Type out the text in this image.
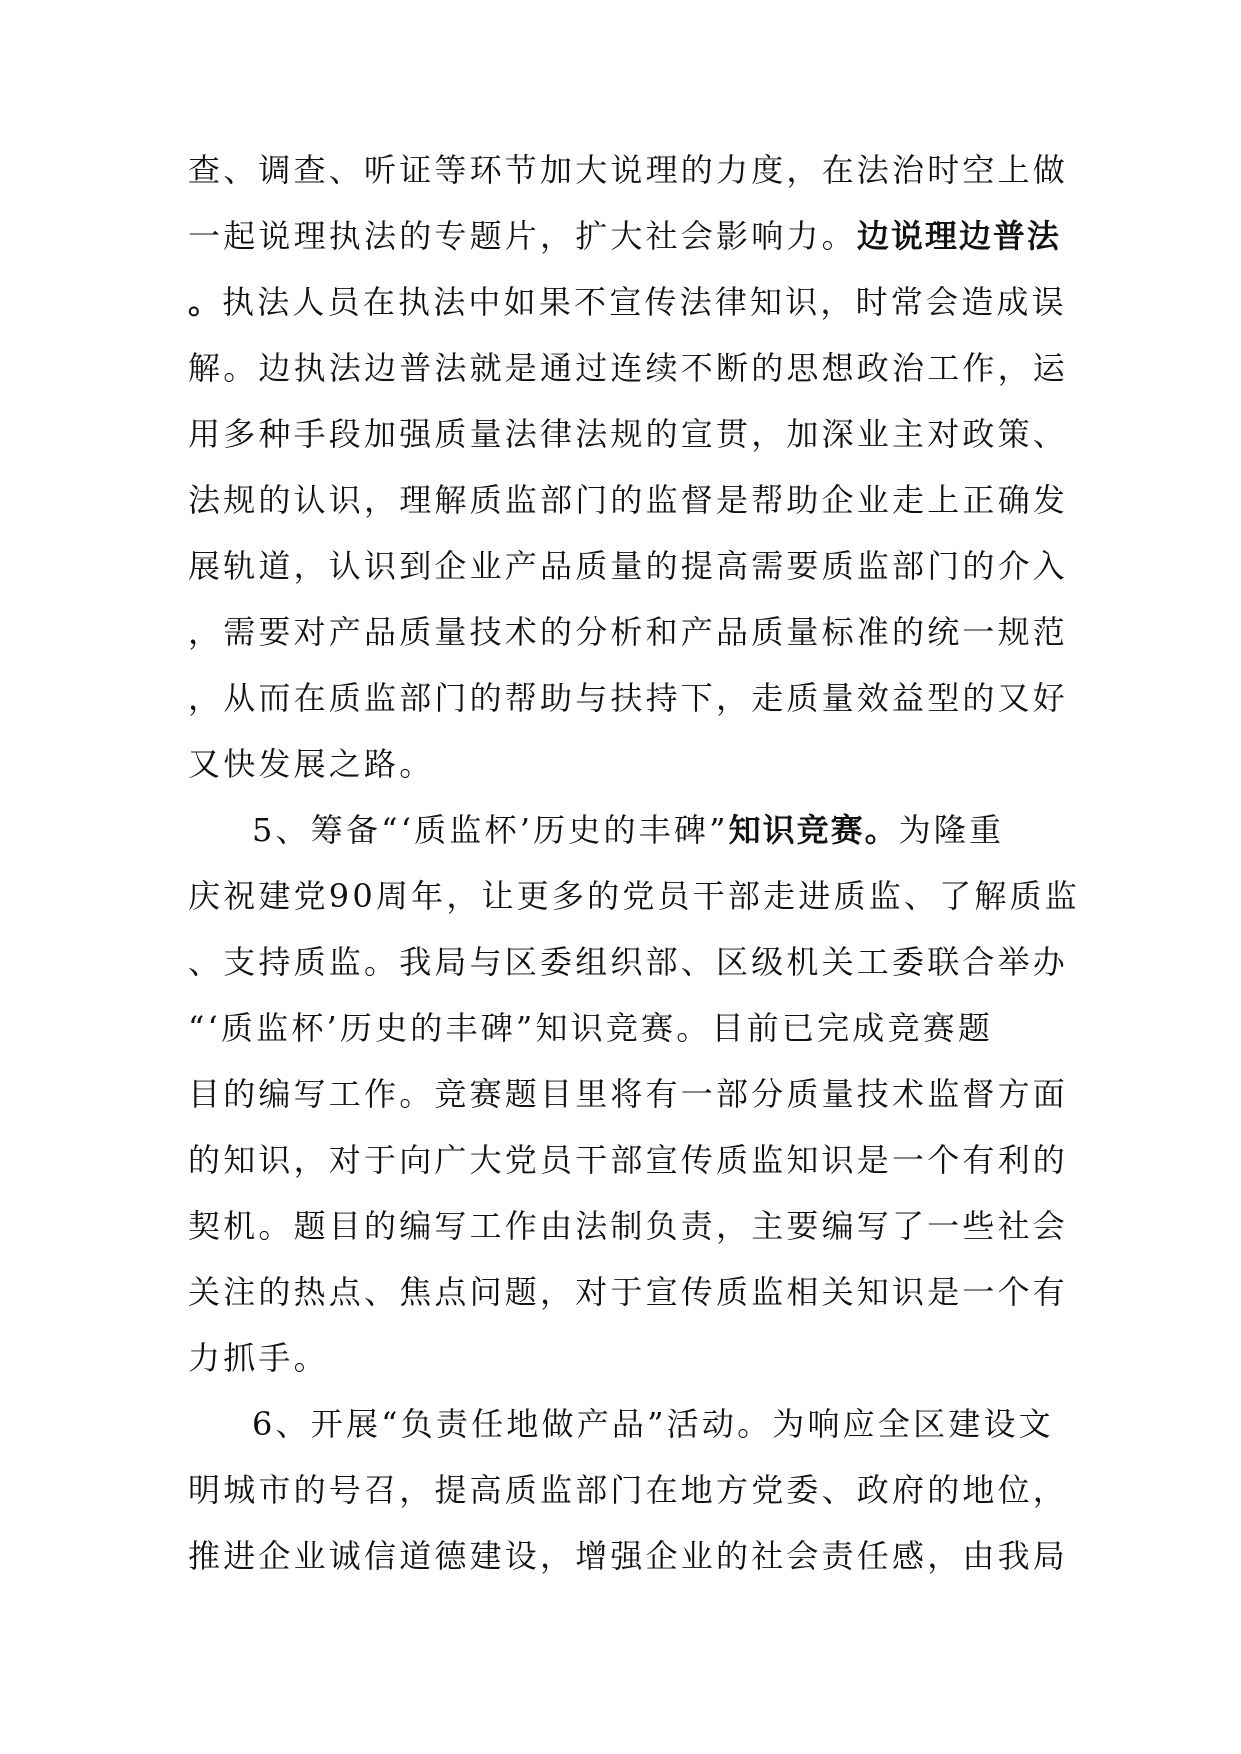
查、调查、听证等环节加大说理的力度，在法治时空上做
一起说理执法的专题片，扩大社会影响力。边说理边普法
。执法人员在执法中如果不宣传法律知识，时常会造成误
解。边执法边普法就是通过连续不断的思想政治工作，运
用多种手段加强质量法律法规的宣贯，加深业主对政策、
法规的认识，理解质监部门的监督是帮助企业走上正确发
展轨道，认识到企业产品质量的提高需要质监部门的介入
，需要对产品质量技术的分析和产品质量标准的统一规范
，从而在质监部门的帮助与扶持下，走质量效益型的又好
又快发展之路。
5、筹备“‘质监杯’历史的丰碑”知识竞赛。为隆重
庆祝建党90周年，让更多的党员干部走进质监、了解质监
、支持质监。我局与区委组织部、区级机关工委联合举办
“‘质监杯’历史的丰碑”知识竞赛。目前已完成竞赛题
目的编写工作。竞赛题目里将有一部分质量技术监督方面
的知识，对于向广大党员干部宣传质监知识是一个有利的
契机。题目的编写工作由法制负责，主要编写了一些社会
关注的热点、焦点问题，对于宣传质监相关知识是一个有
力抓手。
6、开展“负责任地做产品”活动。为响应全区建设文
明城市的号召，提高质监部门在地方党委、政府的地位，
推进企业诚信道德建设，增强企业的社会责任感，由我局
